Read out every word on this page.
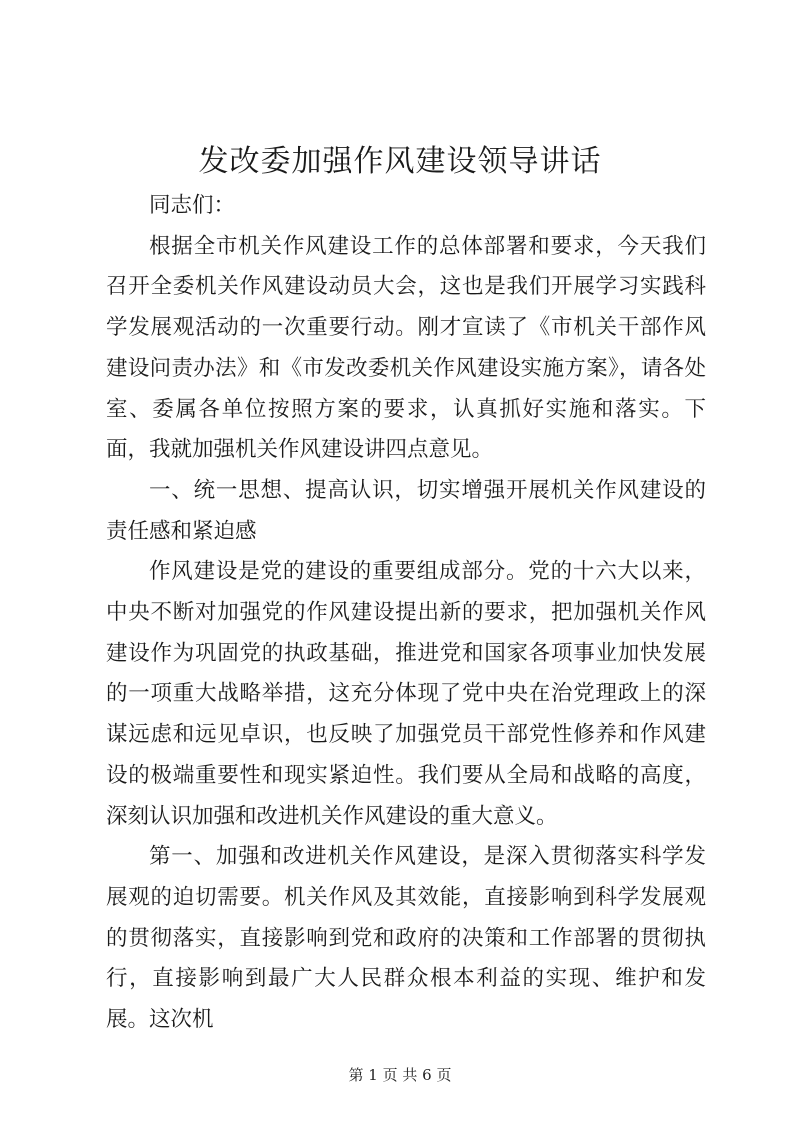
发改委加强作风建设领导讲话

同志们：

根据全市机关作风建设工作的总体部署和要求，今天我们召开全委机关作风建设动员大会，这也是我们开展学习实践科学发展观活动的一次重要行动。刚才宣读了《市机关干部作风建设问责办法》和《市发改委机关作风建设实施方案》，请各处室、委属各单位按照方案的要求，认真抓好实施和落实。下面，我就加强机关作风建设讲四点意见。

一、统一思想、提高认识，切实增强开展机关作风建设的责任感和紧迫感

作风建设是党的建设的重要组成部分。党的十六大以来，中央不断对加强党的作风建设提出新的要求，把加强机关作风建设作为巩固党的执政基础，推进党和国家各项事业加快发展的一项重大战略举措，这充分体现了党中央在治党理政上的深谋远虑和远见卓识，也反映了加强党员干部党性修养和作风建设的极端重要性和现实紧迫性。我们要从全局和战略的高度，深刻认识加强和改进机关作风建设的重大意义。

第一、加强和改进机关作风建设，是深入贯彻落实科学发展观的迫切需要。机关作风及其效能，直接影响到科学发展观的贯彻落实，直接影响到党和政府的决策和工作部署的贯彻执行，直接影响到最广大人民群众根本利益的实现、维护和发展。这次机

第 1 页 共 6 页
